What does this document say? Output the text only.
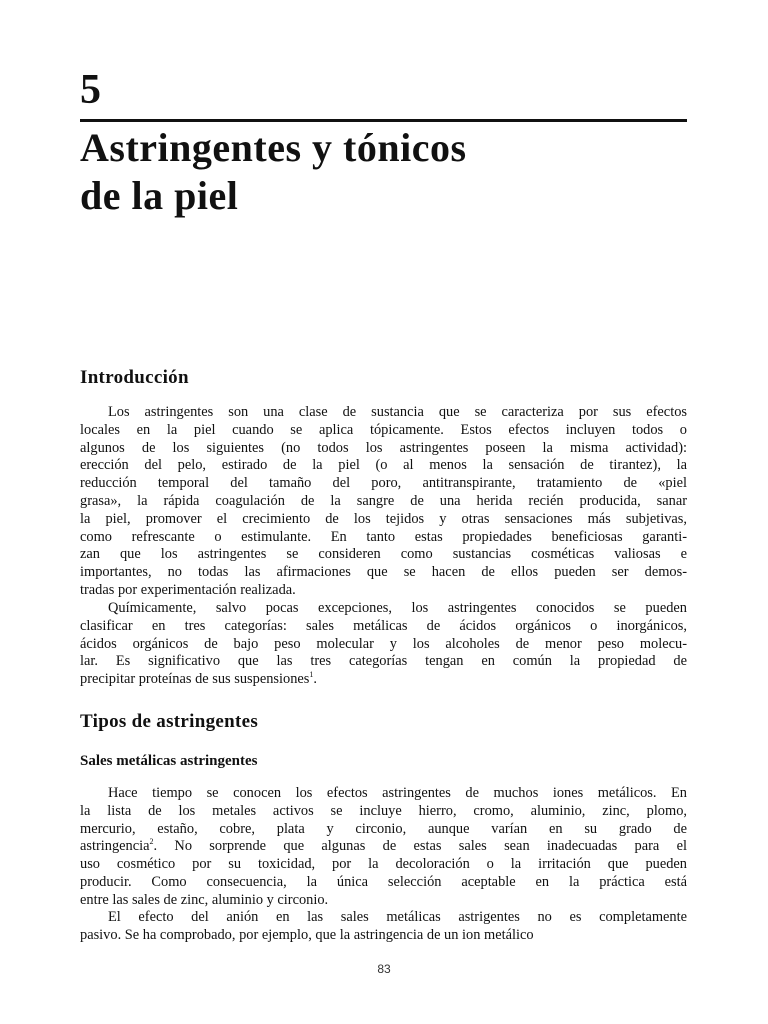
5
Astringentes y tónicos
de la piel
Introducción
Los astringentes son una clase de sustancia que se caracteriza por sus efectos
locales en la piel cuando se aplica tópicamente. Estos efectos incluyen todos o
algunos de los siguientes (no todos los astringentes poseen la misma actividad):
erección del pelo, estirado de la piel (o al menos la sensación de tirantez), la
reducción temporal del tamaño del poro, antitranspirante, tratamiento de «piel
grasa», la rápida coagulación de la sangre de una herida recién producida, sanar
la piel, promover el crecimiento de los tejidos y otras sensaciones más subjetivas,
como refrescante o estimulante. En tanto estas propiedades beneficiosas garanti-
zan que los astringentes se consideren como sustancias cosméticas valiosas e
importantes, no todas las afirmaciones que se hacen de ellos pueden ser demos-
tradas por experimentación realizada.
Químicamente, salvo pocas excepciones, los astringentes conocidos se pueden
clasificar en tres categorías: sales metálicas de ácidos orgánicos o inorgánicos,
ácidos orgánicos de bajo peso molecular y los alcoholes de menor peso molecu-
lar. Es significativo que las tres categorías tengan en común la propiedad de
precipitar proteínas de sus suspensiones$^1$.
Tipos de astringentes
Sales metálicas astringentes
Hace tiempo se conocen los efectos astringentes de muchos iones metálicos. En
la lista de los metales activos se incluye hierro, cromo, aluminio, zinc, plomo,
mercurio, estaño, cobre, plata y circonio, aunque varían en su grado de
astringencia$^2$. No sorprende que algunas de estas sales sean inadecuadas para el
uso cosmético por su toxicidad, por la decoloración o la irritación que pueden
producir. Como consecuencia, la única selección aceptable en la práctica está
entre las sales de zinc, aluminio y circonio.
El efecto del anión en las sales metálicas astrigentes no es completamente
pasivo. Se ha comprobado, por ejemplo, que la astringencia de un ion metálico
83
